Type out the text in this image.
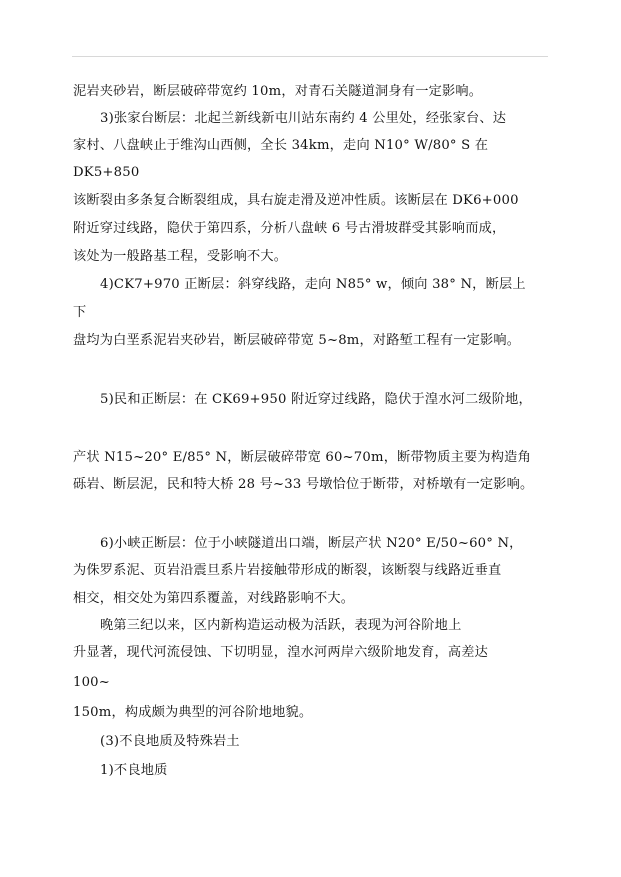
泥岩夹砂岩，断层破碎带宽约 10m，对青石关隧道洞身有一定影响。
3)张家台断层：北起兰新线新屯川站东南约 4 公里处，经张家台、达
家村、八盘峡止于维沟山西侧，全长 34km，走向 N10° W/80° S 在
DK5+850
该断裂由多条复合断裂组成，具右旋走滑及逆冲性质。该断层在 DK6+000
附近穿过线路，隐伏于第四系，分析八盘峡 6 号古滑坡群受其影响而成，
该处为一般路基工程，受影响不大。
4)CK7+970 正断层：斜穿线路，走向 N85° w，倾向 38° N，断层上
下
盘均为白垩系泥岩夹砂岩，断层破碎带宽 5~8m，对路堑工程有一定影响。
5)民和正断层：在 CK69+950 附近穿过线路，隐伏于湟水河二级阶地，
产状 N15~20° E/85° N，断层破碎带宽 60~70m，断带物质主要为构造角
砾岩、断层泥，民和特大桥 28 号~33 号墩恰位于断带，对桥墩有一定影响。
6)小峡正断层：位于小峡隧道出口端，断层产状 N20° E/50~60° N，
为侏罗系泥、页岩沿震旦系片岩接触带形成的断裂，该断裂与线路近垂直
相交，相交处为第四系覆盖，对线路影响不大。
晚第三纪以来，区内新构造运动极为活跃，表现为河谷阶地上
升显著，现代河流侵蚀、下切明显，湟水河两岸六级阶地发育，高差达
100~
150m，构成颇为典型的河谷阶地地貌。
(3)不良地质及特殊岩土
1)不良地质
